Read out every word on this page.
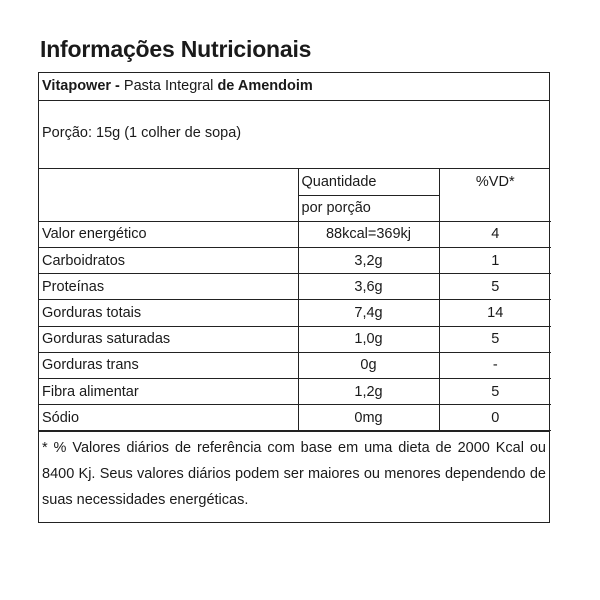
Informações Nutricionais
Vitapower - Pasta Integral de Amendoim
Porção: 15g (1 colher de sopa)
	Quantidade	%VD*
	por porção	
Valor energético	88kcal=369kj	4
Carboidratos	3,2g	1
Proteínas	3,6g	5
Gorduras totais	7,4g	14
Gorduras saturadas	1,0g	5
Gorduras trans	0g	-
Fibra alimentar	1,2g	5
Sódio	0mg	0
* % Valores diários de referência com base em uma dieta de 2000 Kcal ou 8400 Kj. Seus valores diários podem ser maiores ou menores dependendo de suas necessidades energéticas.
